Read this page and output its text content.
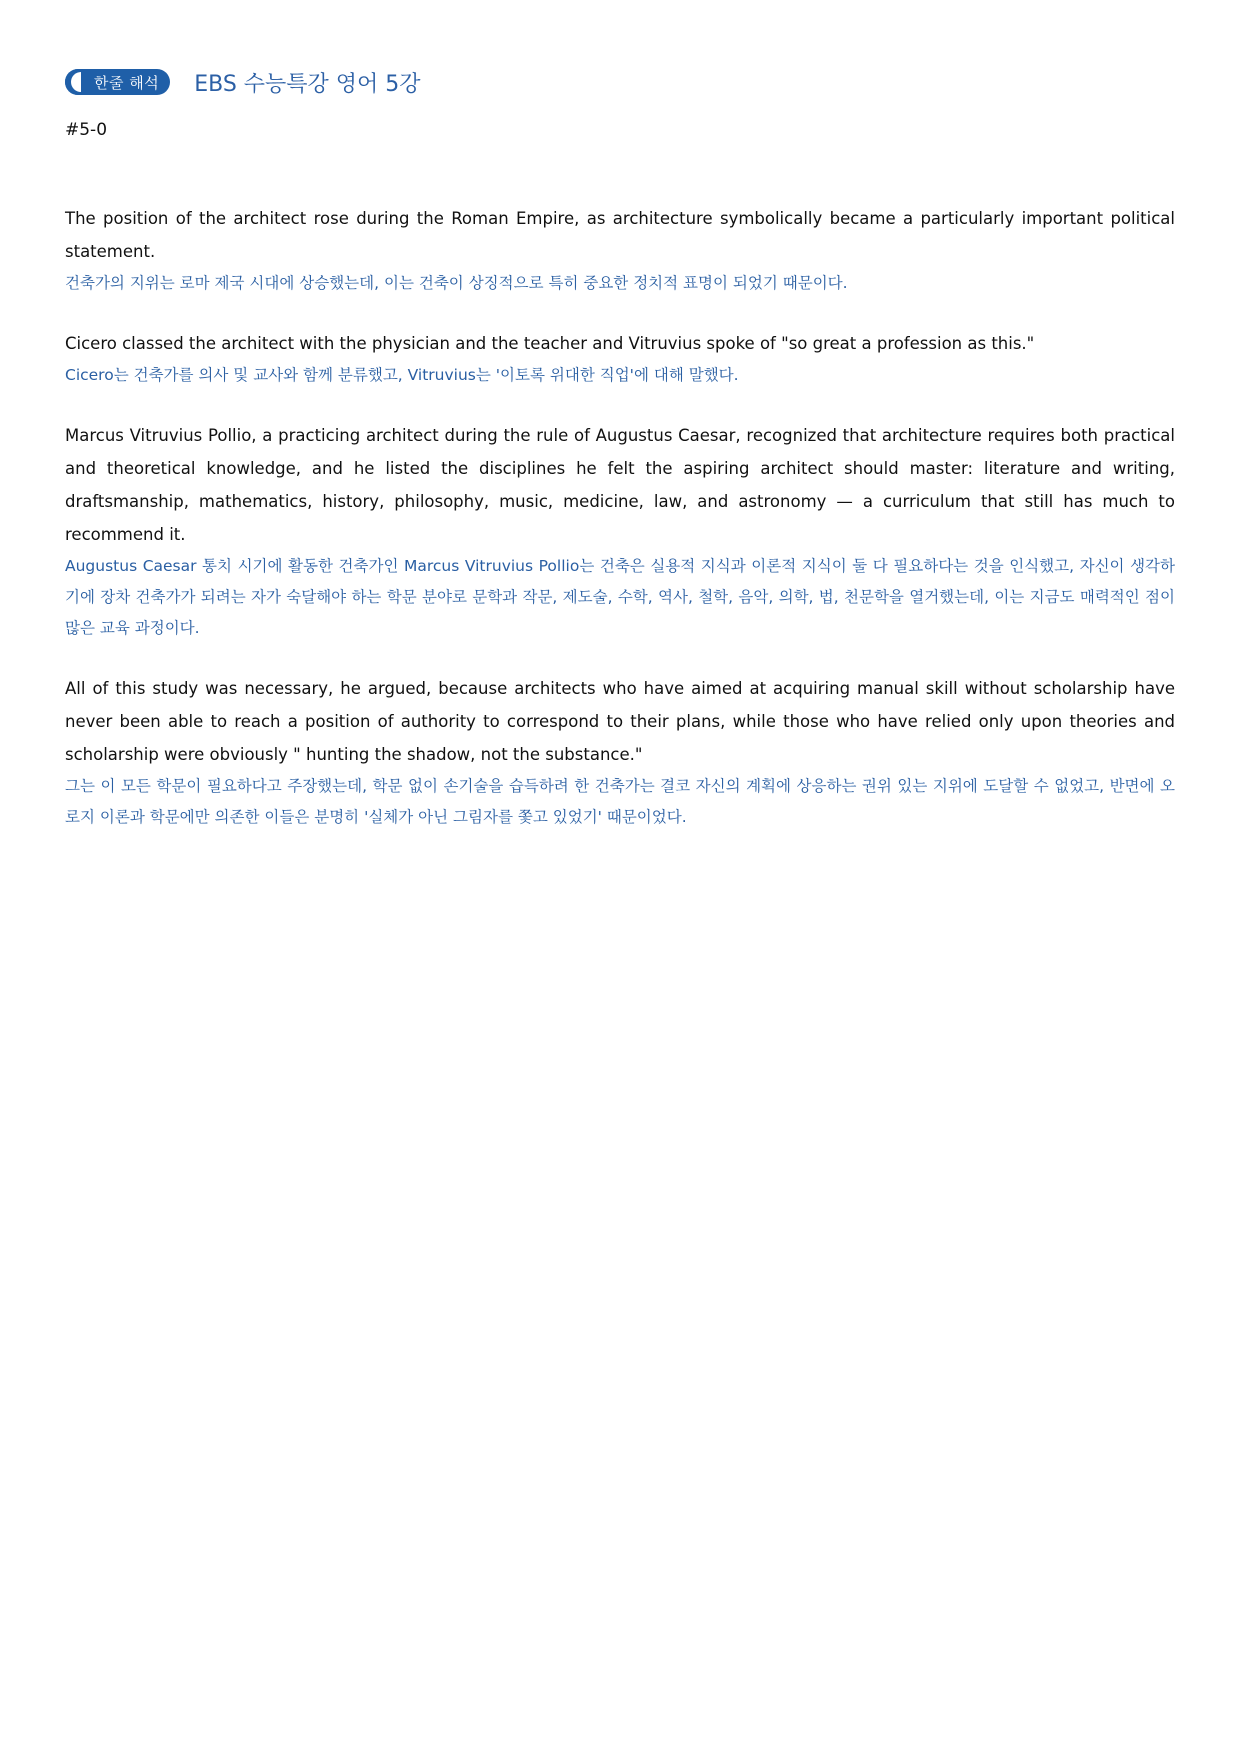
한줄 해석 EBS 수능특강 영어 5강
#5-0
The position of the architect rose during the Roman Empire, as architecture symbolically became a particularly important political statement.
건축가의 지위는 로마 제국 시대에 상승했는데, 이는 건축이 상징적으로 특히 중요한 정치적 표명이 되었기 때문이다.
Cicero classed the architect with the physician and the teacher and Vitruvius spoke of "so great a profession as this."
Cicero는 건축가를 의사 및 교사와 함께 분류했고, Vitruvius는 '이토록 위대한 직업'에 대해 말했다.
Marcus Vitruvius Pollio, a practicing architect during the rule of Augustus Caesar, recognized that architecture requires both practical and theoretical knowledge, and he listed the disciplines he felt the aspiring architect should master: literature and writing, draftsmanship, mathematics, history, philosophy, music, medicine, law, and astronomy — a curriculum that still has much to recommend it.
Augustus Caesar 통치 시기에 활동한 건축가인 Marcus Vitruvius Pollio는 건축은 실용적 지식과 이론적 지식이 둘 다 필요하다는 것을 인식했고, 자신이 생각하기에 장차 건축가가 되려는 자가 숙달해야 하는 학문 분야로 문학과 작문, 제도술, 수학, 역사, 철학, 음악, 의학, 법, 천문학을 열거했는데, 이는 지금도 매력적인 점이 많은 교육 과정이다.
All of this study was necessary, he argued, because architects who have aimed at acquiring manual skill without scholarship have never been able to reach a position of authority to correspond to their plans, while those who have relied only upon theories and scholarship were obviously " hunting the shadow, not the substance."
그는 이 모든 학문이 필요하다고 주장했는데, 학문 없이 손기술을 습득하려 한 건축가는 결코 자신의 계획에 상응하는 권위 있는 지위에 도달할 수 없었고, 반면에 오로지 이론과 학문에만 의존한 이들은 분명히 '실체가 아닌 그림자를 쫓고 있었기' 때문이었다.
